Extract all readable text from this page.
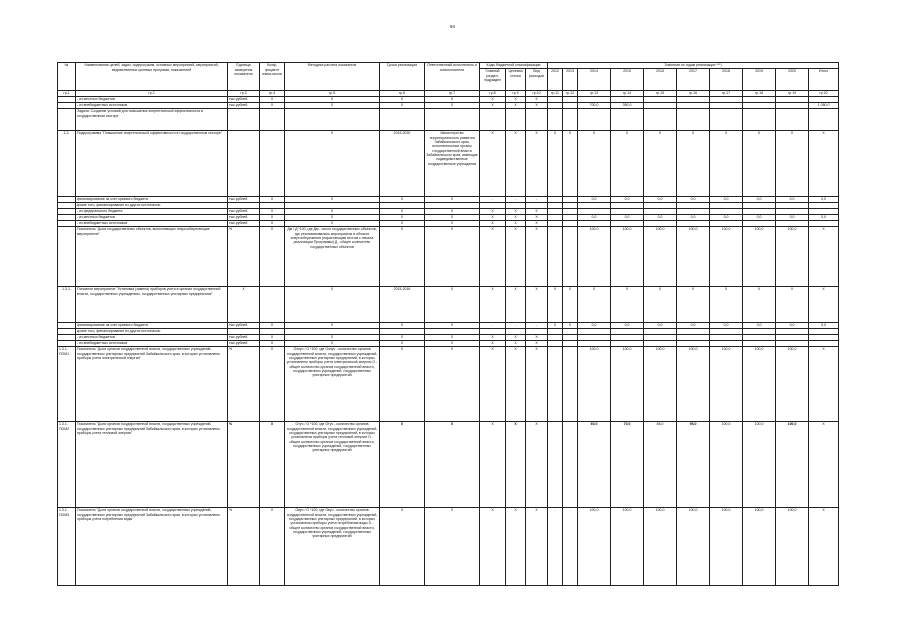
94
№	Наименование целей, задач, подпрограмм, основных мероприятий, мероприятий, ведомственных целевых программ, показателей	Единица измерения показателя	Коэф-фициент значи-мости	Методика расчета показателя	Сроки реализации	Ответственный исполнитель и соисполнители	Коды бюджетной классификации			Значения по годам реализации ***)									
							Главный раздел, подраздел	Целевая статья	Вид расходов	2012	2013	2014	2015	2016	2017	2018	2019	2020	Итого
гр.1	гр.2	гр.3	гр.4	гр.5	гр.6	гр.7	гр.8	гр.9	гр.10	гр.11	гр.12	гр.13	гр.14	гр.15	гр.16	гр.17	гр.18	гр.19	гр.20
	- из местных бюджетов	тыс.рублей	X	X	X	X	X	X	X										
	- из внебюджетных источников	тыс.рублей	X	X	X	X	X	X	X			700,0	350,0						1 050,0
	Задача: Создание условий для повышения энергетической эффективности в государственном секторе																		
1.3.	Подпрограмма "Повышение энергетической эффективности в государственном секторе"			X	2015-2020	Министерство территориального развития Забайкальского края, исполнительные органы государственной власти Забайкальского края, имеющие подведомственные государственные учреждения	X	X	X	X	X	X	X	X	X	X	X	X	X
	финансирование за счет краевого бюджета	тыс.рублей	X	X	X	X	-	-	-			0,0	0,0	0,0	0,0	0,0	0,0	0,0	0,0
	кроме того, финансирование из других источников:																		
	- из федерального бюджета	тыс.рублей	X	X	X	X	X	X	X										
	- из местных бюджетов	тыс.рублей	X	X	X	X	X	X	X			0,0	0,0	0,0	0,0	0,0	0,0	0,0	0,0
	- из внебюджетных источников	тыс.рублей	X	X	X	X	X	X	X										
	Показатель "Доля государственных объектов, выполняющих энергосберегающие мероприятия"	%	X	Дм / Д *100, где Дм - число государственных объектов, где реализовывались мероприятия в области энергосбережения (нарастающим итогом с начала реализации Программы) Д - общее количество государственных объектов	X	X	X	X	X			100,0	100,0	100,0	100,0	100,0	100,0	100,0	X
1.3.1.	Основное мероприятие "Установка (замена) приборов учета в органах государственной власти, государственных учреждениях, государственных унитарных предприятиях"	X		X	2015-2016	X	X	X	X	X	X	X	X	X	X	X	X	X	X
	финансирование за счет краевого бюджета	тыс.рублей	X	X	X	X	-	-	-	0	0	0,0	0,0	0,0	0,0	0,0	0,0	0,0	0,0
	кроме того, финансирование из других источников:																		
	- из местных бюджетов	тыс.рублей	X	X	X	X	X	X	X										
	- из внебюджетных источников	тыс.рублей	X	X	X	X	X	X	X										
1.3.1. ПОМ1	Показатель "Доля органов государственной власти, государственных учреждений, государственных унитарных предприятий Забайкальского края, в которых установлены приборы учета электрической энергии"	%	X	Оэлуч / О *100, где Оэлуч - количество органов государственной власти, государственных учреждений, государственных унитарных предприятий, в которых установлены приборы учета электрической энергии О - общее количество органов государственной власти, государственных учреждений, государственных унитарных предприятий	X	X	X	X	X			100,0	100,0	100,0	100,0	100,0	100,0	100,0	X
1.3.1. ПОМ2	Показатель "Доля органов государственной власти, государственных учреждений, государственных унитарных предприятий Забайкальского края, в которых установлены приборы учета тепловой энергии"	%	X	Отуч / О *100, где Отуч - количество органов государственной власти, государственных учреждений, государственных унитарных предприятий, в которых установлены приборы учета тепловой энергии О - общее количество органов государственной власти, государственных учреждений, государственных унитарных предприятий	X	X	X	X	X			60,0	70,0	85,0	95,0	100,0	100,0	100,0	X
1.3.1. ПОМ3	Показатель "Доля органов государственной власти, государственных учреждений, государственных унитарных предприятий Забайкальского края, в которых установлены приборы учета потребления воды"	%	X	Овуч / О *100, где Овуч - количество органов государственной власти, государственных учреждений, государственных унитарных предприятий, в которых установлены приборы учета потребления воды О - общее количество органов государственной власти, государственных учреждений, государственных унитарных предприятий	X	X	X	X	X	-	-	100,0	100,0	100,0	100,0	100,0	100,0	100,0	X
